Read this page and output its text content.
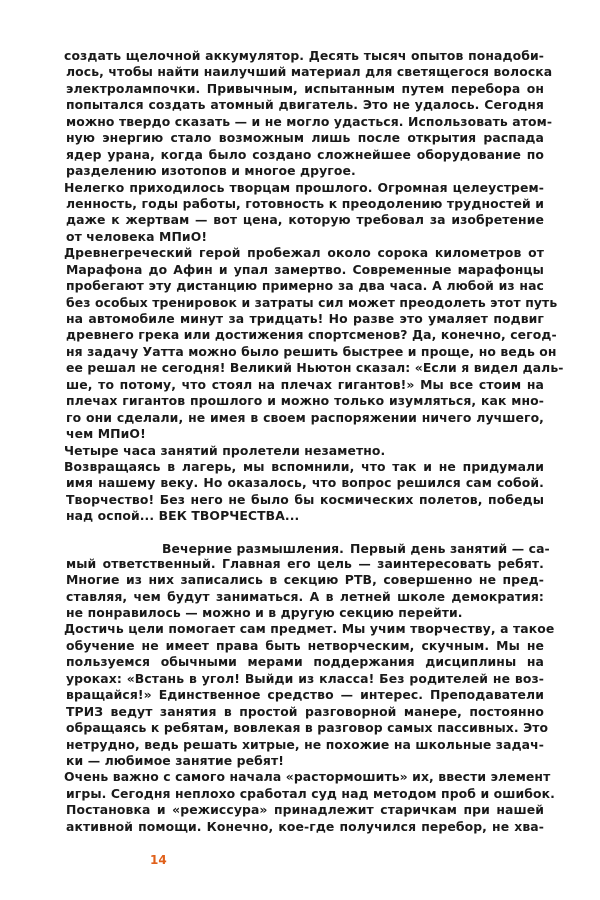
создать щелочной аккумулятор. Десять тысяч опытов понадоби-
лось, чтобы найти наилучший материал для светящегося волоска
электролампочки. Привычным, испытанным путем перебора он
попытался создать атомный двигатель. Это не удалось. Сегодня
можно твердо сказать — и не могло удасться. Использовать атом-
ную энергию стало возможным лишь после открытия распада
ядер урана, когда было создано сложнейшее оборудование по
разделению изотопов и многое другое.
Нелегко приходилось творцам прошлого. Огромная целеустрем-
ленность, годы работы, готовность к преодолению трудностей и
даже к жертвам — вот цена, которую требовал за изобретение
от человека МПиО!
Древнегреческий герой пробежал около сорока километров от
Марафона до Афин и упал замертво. Современные марафонцы
пробегают эту дистанцию примерно за два часа. А любой из нас
без особых тренировок и затраты сил может преодолеть этот путь
на автомобиле минут за тридцать! Но разве это умаляет подвиг
древнего грека или достижения спортсменов? Да, конечно, сегод-
ня задачу Уатта можно было решить быстрее и проще, но ведь он
ее решал не сегодня! Великий Ньютон сказал: «Если я видел даль-
ше, то потому, что стоял на плечах гигантов!» Мы все стоим на
плечах гигантов прошлого и можно только изумляться, как мно-
го они сделали, не имея в своем распоряжении ничего лучшего,
чем МПиО!
Четыре часа занятий пролетели незаметно.
Возвращаясь в лагерь, мы вспомнили, что так и не придумали
имя нашему веку. Но оказалось, что вопрос решился сам собой.
Творчество! Без него не было бы космических полетов, победы
над оспой... ВЕК ТВОРЧЕСТВА...
Вечерние размышления. Первый день занятий — са-
мый ответственный. Главная его цель — заинтересовать ребят.
Многие из них записались в секцию РТВ, совершенно не пред-
ставляя, чем будут заниматься. А в летней школе демократия:
не понравилось — можно и в другую секцию перейти.
Достичь цели помогает сам предмет. Мы учим творчеству, а такое
обучение не имеет права быть нетворческим, скучным. Мы не
пользуемся обычными мерами поддержания дисциплины на
уроках: «Встань в угол! Выйди из класса! Без родителей не воз-
вращайся!» Единственное средство — интерес. Преподаватели
ТРИЗ ведут занятия в простой разговорной манере, постоянно
обращаясь к ребятам, вовлекая в разговор самых пассивных. Это
нетрудно, ведь решать хитрые, не похожие на школьные задач-
ки — любимое занятие ребят!
Очень важно с самого начала «растормошить» их, ввести элемент
игры. Сегодня неплохо сработал суд над методом проб и ошибок.
Постановка и «режиссура» принадлежит старичкам при нашей
активной помощи. Конечно, кое-где получился перебор, не хва-
14
